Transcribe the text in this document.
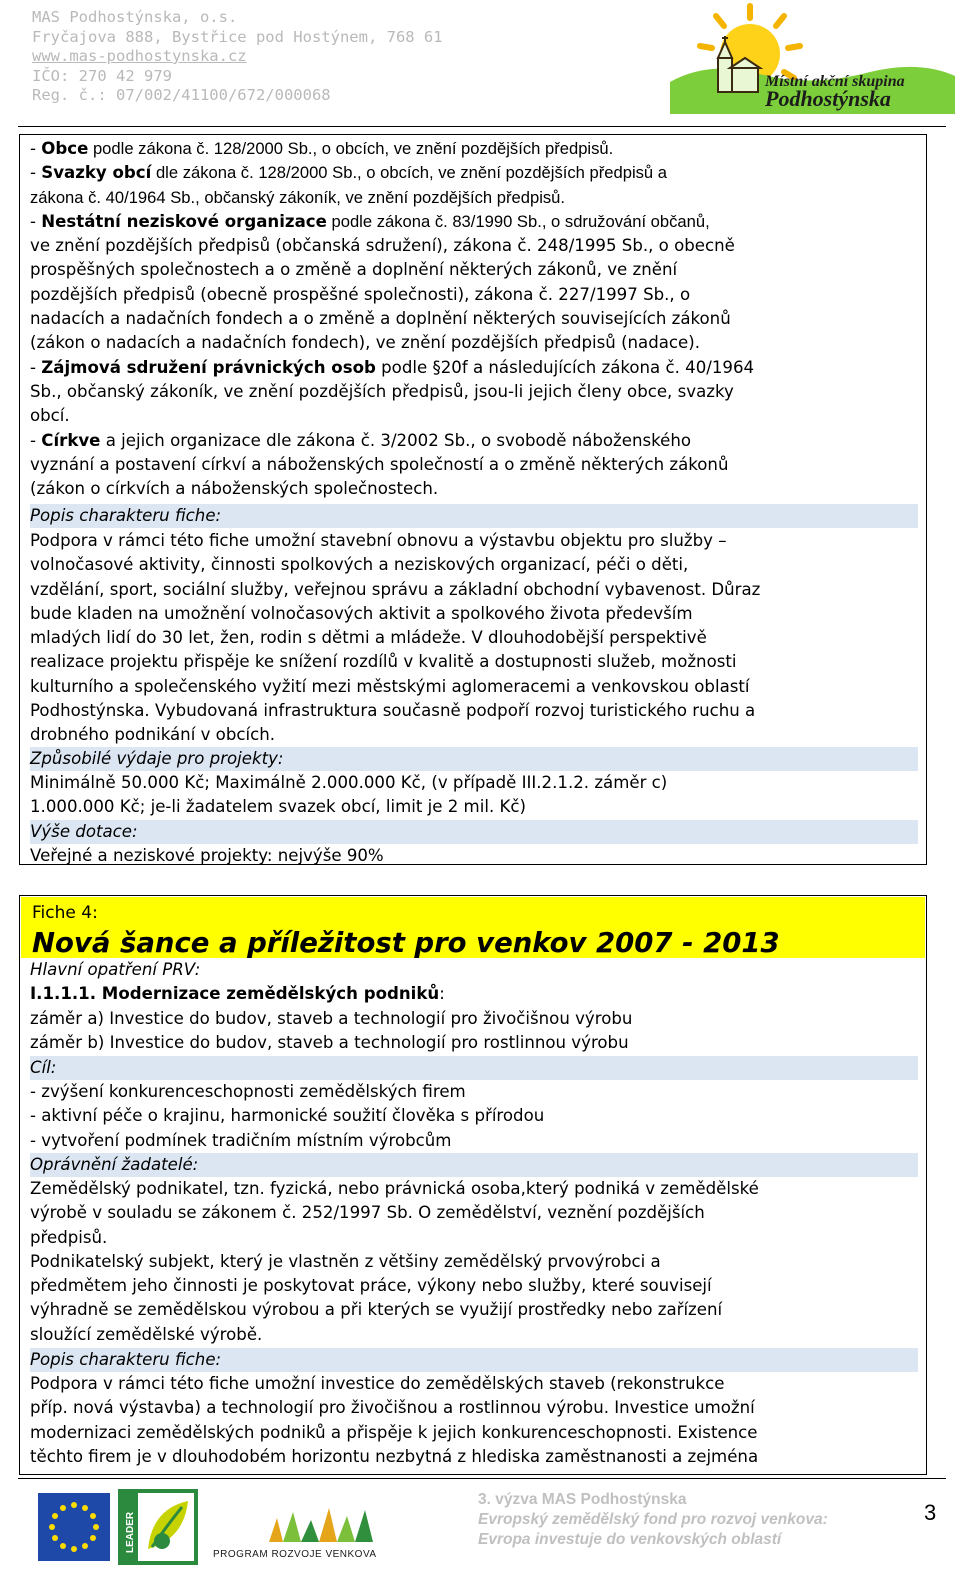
MAS Podhostýnska, o.s.
Fryčajova 888, Bystřice pod Hostýnem, 768 61
www.mas-podhostynska.cz
IČO: 270 42 979
Reg. č.: 07/002/41100/672/000068
Místní akční skupina
Podhostýnska
- Obce podle zákona č. 128/2000 Sb., o obcích, ve znění pozdějších předpisů.
- Svazky obcí dle zákona č. 128/2000 Sb., o obcích, ve znění pozdějších předpisů a
zákona č. 40/1964 Sb., občanský zákoník, ve znění pozdějších předpisů.
- Nestátní neziskové organizace podle zákona č. 83/1990 Sb., o sdružování občanů,
ve znění pozdějších předpisů (občanská sdružení), zákona č. 248/1995 Sb., o obecně
prospěšných společnostech a o změně a doplnění některých zákonů, ve znění
pozdějších předpisů (obecně prospěšné společnosti), zákona č. 227/1997 Sb., o
nadacích a nadačních fondech a o změně a doplnění některých souvisejících zákonů
(zákon o nadacích a nadačních fondech), ve znění pozdějších předpisů (nadace).
- Zájmová sdružení právnických osob podle §20f a následujících zákona č. 40/1964
Sb., občanský zákoník, ve znění pozdějších předpisů, jsou-li jejich členy obce, svazky
obcí.
- Církve a jejich organizace dle zákona č. 3/2002 Sb., o svobodě náboženského
vyznání a postavení církví a náboženských společností a o změně některých zákonů
(zákon o církvích a náboženských společnostech.
Popis charakteru fiche:
Podpora v rámci této fiche umožní stavební obnovu a výstavbu objektu pro služby –
volnočasové aktivity, činnosti spolkových a neziskových organizací, péči o děti,
vzdělání, sport, sociální služby, veřejnou správu a základní obchodní vybavenost. Důraz
bude kladen na umožnění volnočasových aktivit a spolkového života především
mladých lidí do 30 let, žen, rodin s dětmi a mládeže. V dlouhodobější perspektivě
realizace projektu přispěje ke snížení rozdílů v kvalitě a dostupnosti služeb, možnosti
kulturního a společenského vyžití mezi městskými aglomeracemi a venkovskou oblastí
Podhostýnska. Vybudovaná infrastruktura současně podpoří rozvoj turistického ruchu a
drobného podnikání v obcích.
Způsobilé výdaje pro projekty:
Minimálně 50.000 Kč; Maximálně 2.000.000 Kč, (v případě III.2.1.2. záměr c)
1.000.000 Kč; je-li žadatelem svazek obcí, limit je 2 mil. Kč)
Výše dotace:
Veřejné a neziskové projekty: nejvýše 90%
Fiche 4:
Nová šance a příležitost pro venkov 2007 - 2013
Hlavní opatření PRV:
I.1.1.1. Modernizace zemědělských podniků:
záměr a) Investice do budov, staveb a technologií pro živočišnou výrobu
záměr b) Investice do budov, staveb a technologií pro rostlinnou výrobu
Cíl:
- zvýšení konkurenceschopnosti zemědělských firem
- aktivní péče o krajinu, harmonické soužití člověka s přírodou
- vytvoření podmínek tradičním místním výrobcům
Oprávnění žadatelé:
Zemědělský podnikatel, tzn. fyzická, nebo právnická osoba,který podniká v zemědělské
výrobě v souladu se zákonem č. 252/1997 Sb. O zemědělství, veznění pozdějších
předpisů.
Podnikatelský subjekt, který je vlastněn z většiny zemědělský prvovýrobci a
předmětem jeho činnosti je poskytovat práce, výkony nebo služby, které souvisejí
výhradně se zemědělskou výrobou a při kterých se využijí prostředky nebo zařízení
sloužící zemědělské výrobě.
Popis charakteru fiche:
Podpora v rámci této fiche umožní investice do zemědělských staveb (rekonstrukce
příp. nová výstavba) a technologií pro živočišnou a rostlinnou výrobu. Investice umožní
modernizaci zemědělských podniků a přispěje k jejich konkurenceschopnosti. Existence
těchto firem je v dlouhodobém horizontu nezbytná z hlediska zaměstnanosti a zejména
LEADER
PROGRAM ROZVOJE VENKOVA
3. výzva MAS Podhostýnska
Evropský zemědělský fond pro rozvoj venkova:
Evropa investuje do venkovských oblastí
3
